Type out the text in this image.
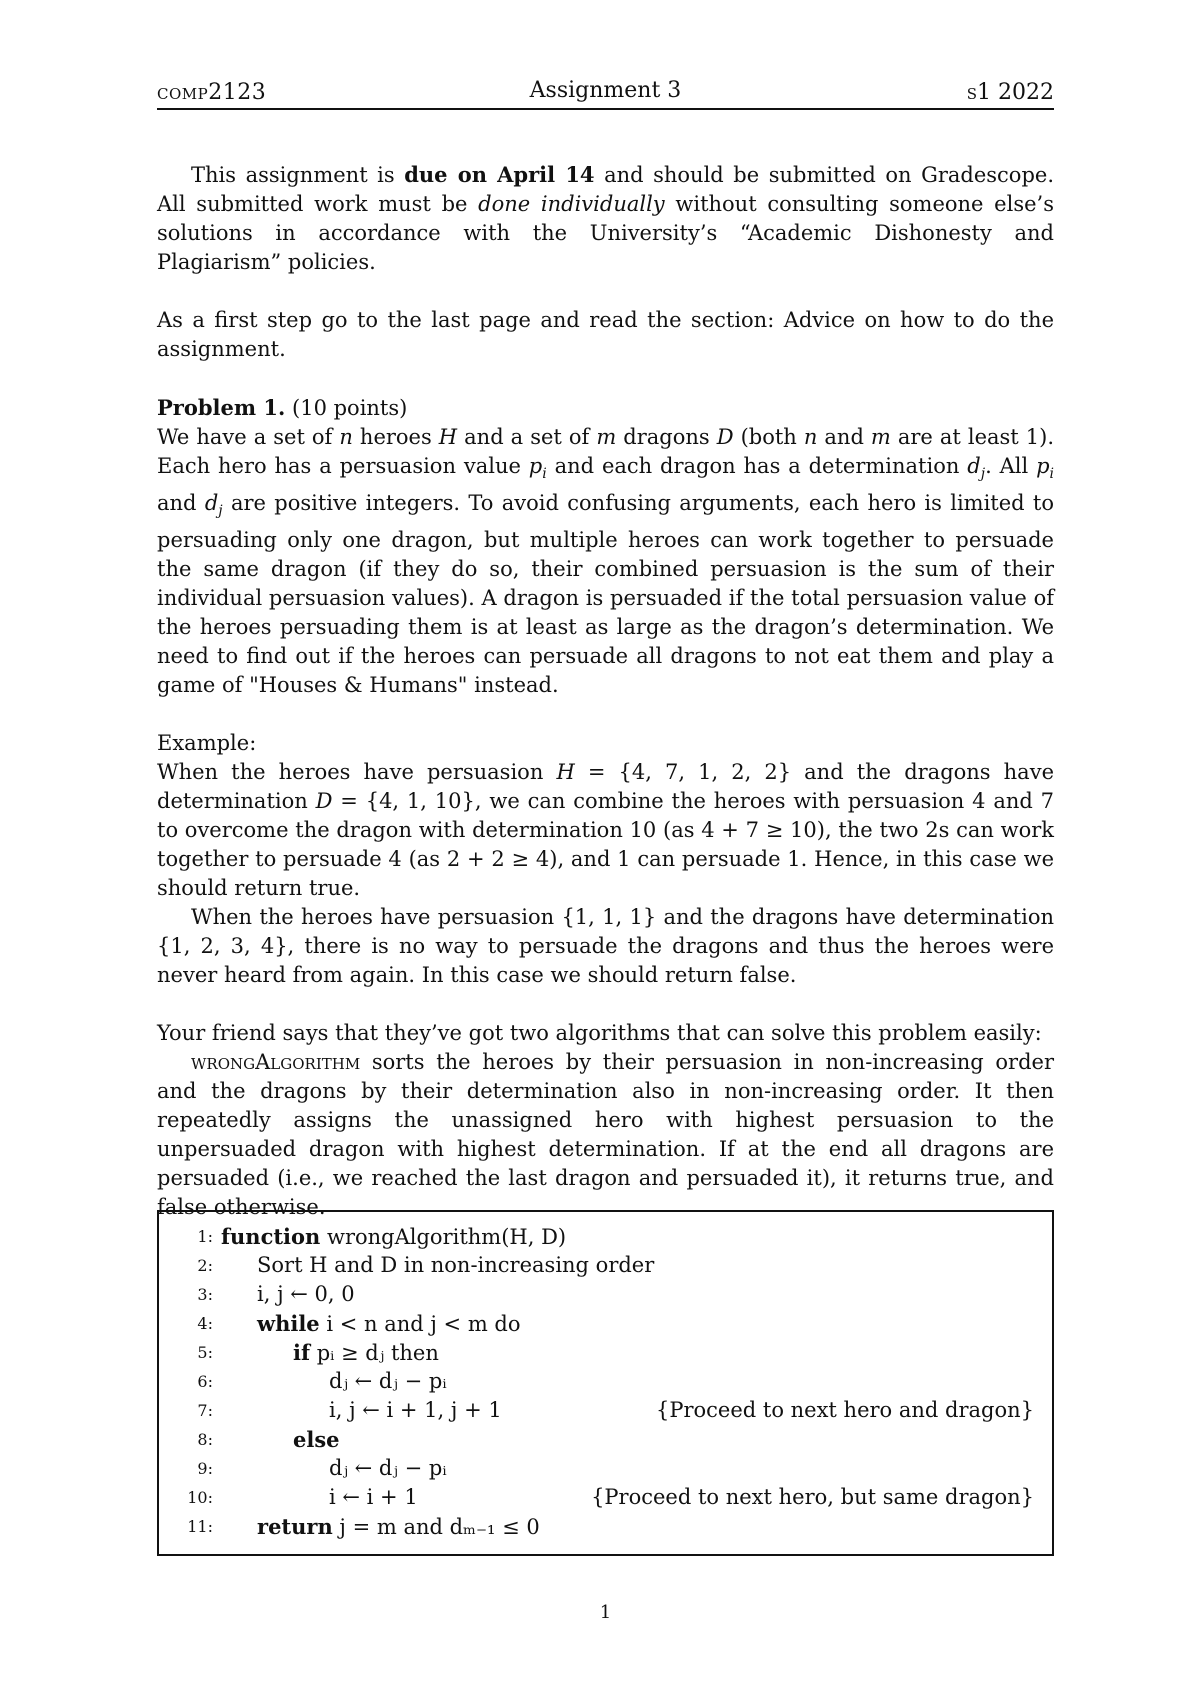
comp2123	Assignment 3	s1 2022

This assignment is due on April 14 and should be submitted on Gradescope. All submitted work must be done individually without consulting someone else’s solutions in accordance with the University’s “Academic Dishonesty and Plagiarism” policies.

As a first step go to the last page and read the section: Advice on how to do the assignment.

Problem 1. (10 points)

We have a set of n heroes H and a set of m dragons D (both n and m are at least 1). Each hero has a persuasion value $p_i$ and each dragon has a determination $d_j$. All $p_i$ and $d_j$ are positive integers. To avoid confusing arguments, each hero is limited to persuading only one dragon, but multiple heroes can work together to persuade the same dragon (if they do so, their combined persuasion is the sum of their individual persuasion values). A dragon is persuaded if the total persuasion value of the heroes persuading them is at least as large as the dragon’s determination. We need to find out if the heroes can persuade all dragons to not eat them and play a game of "Houses & Humans" instead.

Example:

When the heroes have persuasion H = {4, 7, 1, 2, 2} and the dragons have determination D = {4, 1, 10}, we can combine the heroes with persuasion 4 and 7 to overcome the dragon with determination 10 (as 4 + 7 ≥ 10), the two 2s can work together to persuade 4 (as 2 + 2 ≥ 4), and 1 can persuade 1. Hence, in this case we should return true.

When the heroes have persuasion {1, 1, 1} and the dragons have determination {1, 2, 3, 4}, there is no way to persuade the dragons and thus the heroes were never heard from again. In this case we should return false.

Your friend says that they’ve got two algorithms that can solve this problem easily:

wrongAlgorithm sorts the heroes by their persuasion in non-increasing order and the dragons by their determination also in non-increasing order. It then repeatedly assigns the unassigned hero with highest persuasion to the unpersuaded dragon with highest determination. If at the end all dragons are persuaded (i.e., we reached the last dragon and persuaded it), it returns true, and false otherwise.

1: function wrongAlgorithm(H, D)
2: Sort H and D in non-increasing order
3: i, j ← 0, 0
4: while i < n and j < m do
5:	if pᵢ ≥ dⱼ then
6:	dⱼ ← dⱼ − pᵢ
7:	i, j ← i + 1, j + 1	{Proceed to next hero and dragon}
8:	else
9:	dⱼ ← dⱼ − pᵢ
10:	i ← i + 1	{Proceed to next hero, but same dragon}
11: return j = m and dₘ₋₁ ≤ 0
1
